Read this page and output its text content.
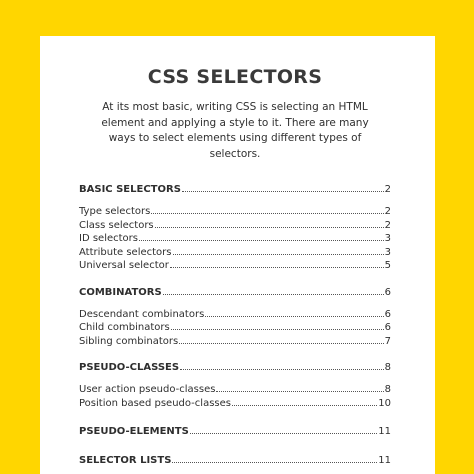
CSS SELECTORS
At its most basic, writing CSS is selecting an HTML element and applying a style to it. There are many ways to select elements using different types of selectors.
BASIC SELECTORS	2
Type selectors	2
Class selectors	2
ID selectors	3
Attribute selectors	3
Universal selector	5
COMBINATORS	6
Descendant combinators	6
Child combinators	6
Sibling combinators	7
PSEUDO-CLASSES	8
User action pseudo-classes	8
Position based pseudo-classes	10
PSEUDO-ELEMENTS	11
SELECTOR LISTS	11
